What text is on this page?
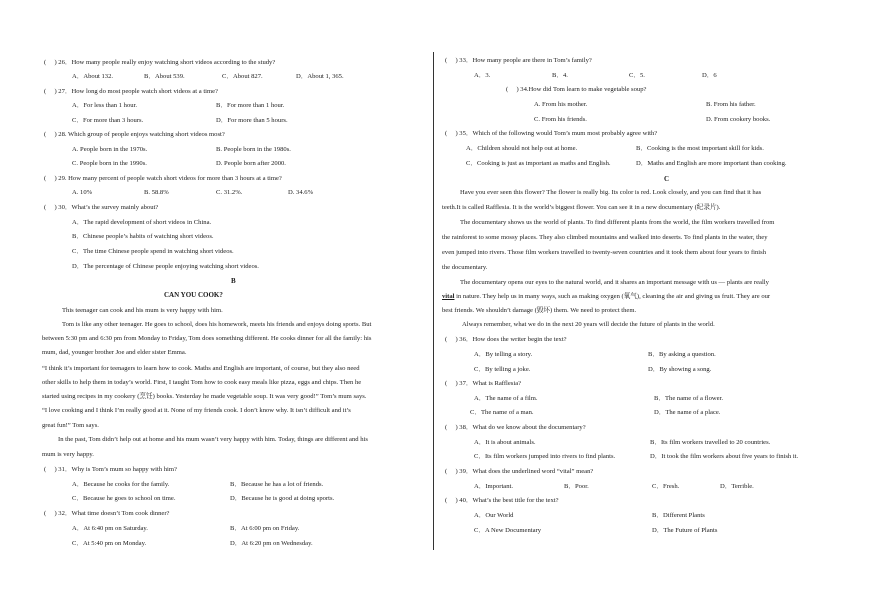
(　 ) 26．How many people really enjoy watching short videos according to the study?
A．About 132.	B．About 539.	C．About 827.	D．About 1, 365.
(　 ) 27．How long do most people watch short videos at a time?
A．For less than 1 hour.	B．For more than 1 hour.
C．For more than 3 hours.	D．For more than 5 hours.
(　 ) 28. Which group of people enjoys watching short videos most?
A. People born in the 1970s.	B. People born in the 1980s.
C. People born in the 1990s.	D. People born after 2000.
(　 ) 29. How many percent of people watch short videos for more than 3 hours at a time?
A. 10%	B. 58.8%	C. 31.2%.	D. 34.6%
(　 ) 30．What’s the survey mainly about?
A．The rapid development of short videos in China.
B．Chinese people’s habits of watching short videos.
C．The time Chinese people spend in watching short videos.
D．The percentage of Chinese people enjoying watching short videos.
B
CAN YOU COOK?
This teenager can cook and his mum is very happy with him.
Tom is like any other teenager. He goes to school, does his homework, meets his friends and enjoys doing sports. But
between 5:30 pm and 6:30 pm from Monday to Friday, Tom does something different. He cooks dinner for all the family: his
mum, dad, younger brother Joe and elder sister Emma.
“I think it’s important for teenagers to learn how to cook. Maths and English are important, of course, but they also need
other skills to help them in today’s world. First, I taught Tom how to cook easy meals like pizza, eggs and chips. Then he
started using recipes in my cookery (烹饪) books. Yesterday he made vegetable soup. It was very good!” Tom’s mum says.
“I love cooking and I think I’m really good at it. None of my friends cook. I don’t know why. It isn’t difficult and it’s
great fun!” Tom says.
In the past, Tom didn’t help out at home and his mum wasn’t very happy with him. Today, things are different and his
mum is very happy.
(　 ) 31．Why is Tom’s mum so happy with him?
A．Because he cooks for the family.	B．Because he has a lot of friends.
C．Because he goes to school on time.	D．Because he is good at doing sports.
(　 ) 32．What time doesn’t Tom cook dinner?
A．At 6:40 pm on Saturday.	B．At 6:00 pm on Friday.
C．At 5:40 pm on Monday.	D．At 6:20 pm on Wednesday.
(　 ) 33．How many people are there in Tom’s family?
A．3.	B．4.	C．5.	D．6
(　 ) 34.How did Tom learn to make vegetable soup?
A. From his mother.	B. From his father.
C. From his friends.	D. From cookery books.
(　 ) 35．Which of the following would Tom’s mum most probably agree with?
A．Children should not help out at home.	B．Cooking is the most important skill for kids.
C．Cooking is just as important as maths and English.	D．Maths and English are more important than cooking.
C
Have you ever seen this flower? The flower is really big. Its color is red. Look closely, and you can find that it has
teeth.It is called Rafflesia. It is the world’s biggest flower. You can see it in a new documentary (纪录片).
The documentary shows us the world of plants. To find different plants from the world, the film workers travelled from
the rainforest to some mossy places. They also climbed mountains and walked into deserts. To find plants in the water, they
even jumped into rivers. Those film workers travelled to twenty-seven countries and it took them about four years to finish
the documentary.
The documentary opens our eyes to the natural world, and it shares an important message with us — plants are really
vital in nature. They help us in many ways, such as making oxygen (氧气), cleaning the air and giving us fruit. They are our
best friends. We shouldn’t damage (毁坏) them. We need to protect them.
Always remember, what we do in the next 20 years will decide the future of plants in the world.
(　 ) 36．How does the writer begin the text?
A．By telling a story.	B．By asking a question.
C．By telling a joke.	D．By showing a song.
(　 ) 37．What is Rafflesia?
A．The name of a film.	B．The name of a flower.
C．The name of a man.	D．The name of a place.
(　 ) 38．What do we know about the documentary?
A．It is about animals.	B．Its film workers travelled to 20 countries.
C．Its film workers jumped into rivers to find plants.	D．It took the film workers about five years to finish it.
(　 ) 39．What does the underlined word “vital” mean?
A．Important.	B．Poor.	C．Fresh.	D．Terrible.
(　 ) 40．What’s the best title for the text?
A．Our World	B．Different Plants
C．A New Documentary	D．The Future of Plants
